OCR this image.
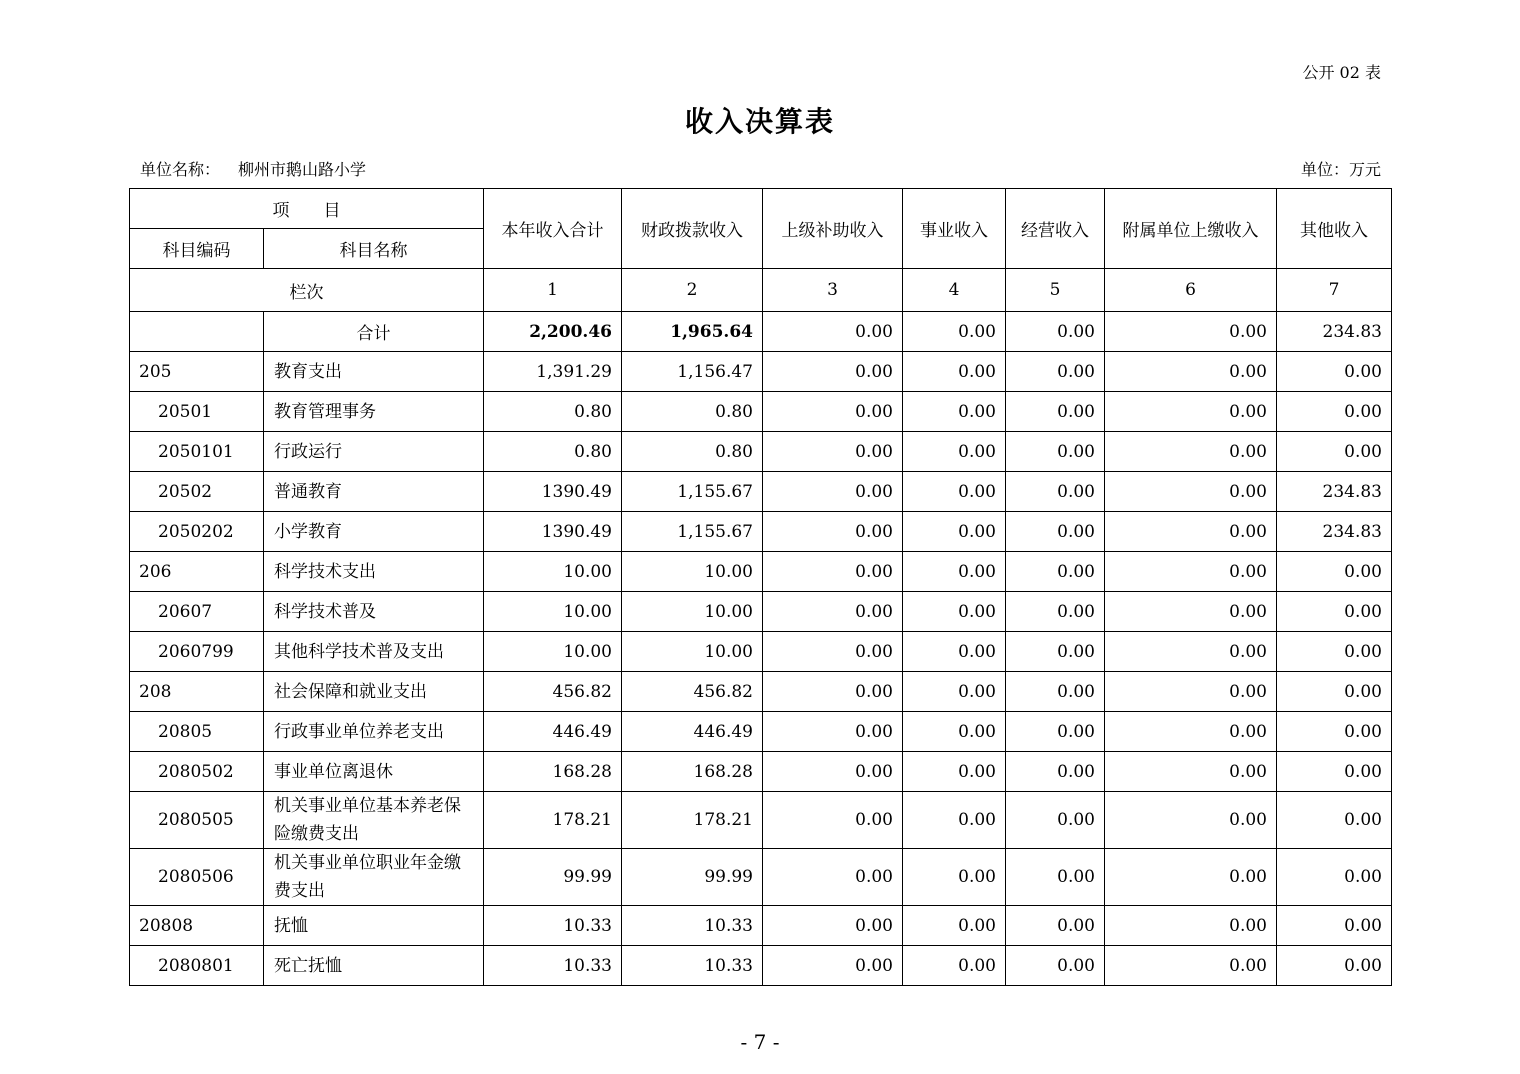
公开 02 表
收入决算表
单位名称： 柳州市鹅山路小学	单位：万元
项　　目		本年收入合计	财政拨款收入	上级补助收入	事业收入	经营收入	附属单位上缴收入	其他收入
科目编码	科目名称							
栏次		1	2	3	4	5	6	7
	合计	2,200.46	1,965.64	0.00	0.00	0.00	0.00	234.83
205	教育支出	1,391.29	1,156.47	0.00	0.00	0.00	0.00	0.00
20501	教育管理事务	0.80	0.80	0.00	0.00	0.00	0.00	0.00
2050101	行政运行	0.80	0.80	0.00	0.00	0.00	0.00	0.00
20502	普通教育	1390.49	1,155.67	0.00	0.00	0.00	0.00	234.83
2050202	小学教育	1390.49	1,155.67	0.00	0.00	0.00	0.00	234.83
206	科学技术支出	10.00	10.00	0.00	0.00	0.00	0.00	0.00
20607	科学技术普及	10.00	10.00	0.00	0.00	0.00	0.00	0.00
2060799	其他科学技术普及支出	10.00	10.00	0.00	0.00	0.00	0.00	0.00
208	社会保障和就业支出	456.82	456.82	0.00	0.00	0.00	0.00	0.00
20805	行政事业单位养老支出	446.49	446.49	0.00	0.00	0.00	0.00	0.00
2080502	事业单位离退休	168.28	168.28	0.00	0.00	0.00	0.00	0.00
2080505	机关事业单位基本养老保险缴费支出	178.21	178.21	0.00	0.00	0.00	0.00	0.00
2080506	机关事业单位职业年金缴费支出	99.99	99.99	0.00	0.00	0.00	0.00	0.00
20808	抚恤	10.33	10.33	0.00	0.00	0.00	0.00	0.00
2080801	死亡抚恤	10.33	10.33	0.00	0.00	0.00	0.00	0.00
- 7 -
